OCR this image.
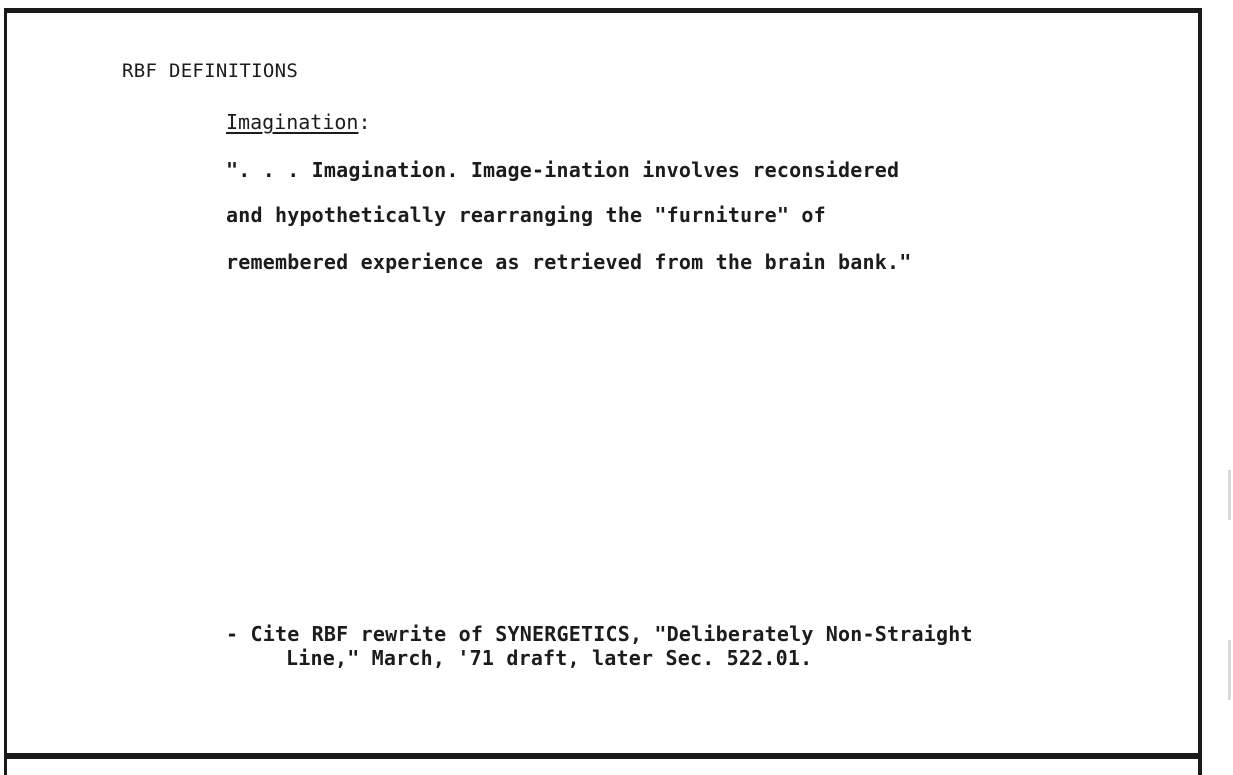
RBF DEFINITIONS
Imagination:
". . . Imagination. Image-ination involves reconsidered
and hypothetically rearranging the "furniture" of
remembered experience as retrieved from the brain bank."
- Cite RBF rewrite of SYNERGETICS, "Deliberately Non-Straight
Line," March, '71 draft, later Sec. 522.01.
